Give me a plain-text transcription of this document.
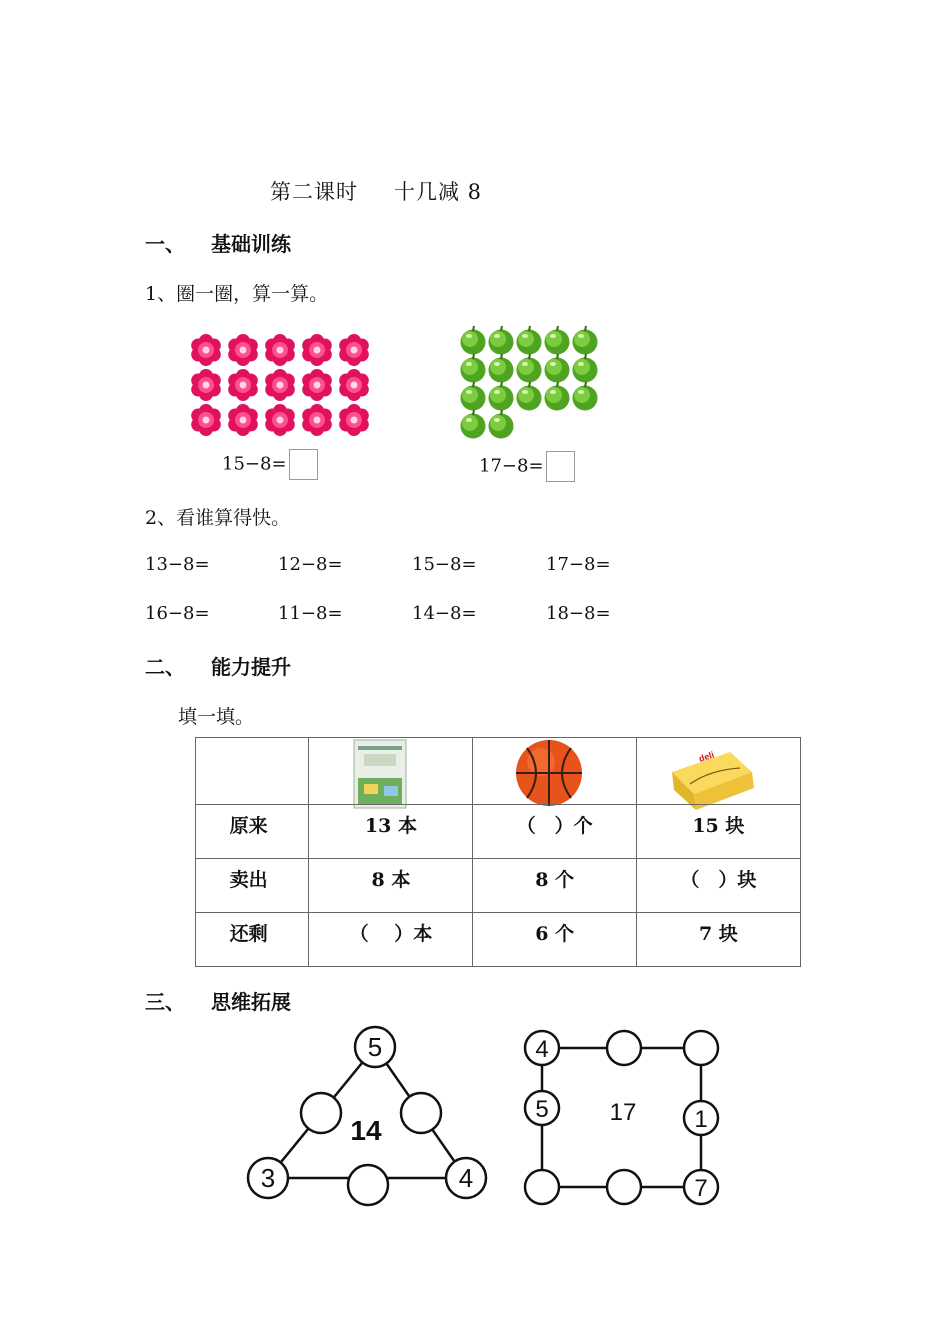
第二课时 十几减 8
一、 基础训练
1、圈一圈，算一算。
deli
5
3	4
14
4
5	1
7
17
15−8=	17−8=
2、看谁算得快。
13−8=	12−8=	15−8=	17−8=
16−8=	11−8=	14−8=	18−8=
二、 能力提升
填一填。

原来	13 本	（　）个	15 块
卖出	8 本	8 个	（　）块
还剩	（　 ）本	6 个	7 块
三、 思维拓展
